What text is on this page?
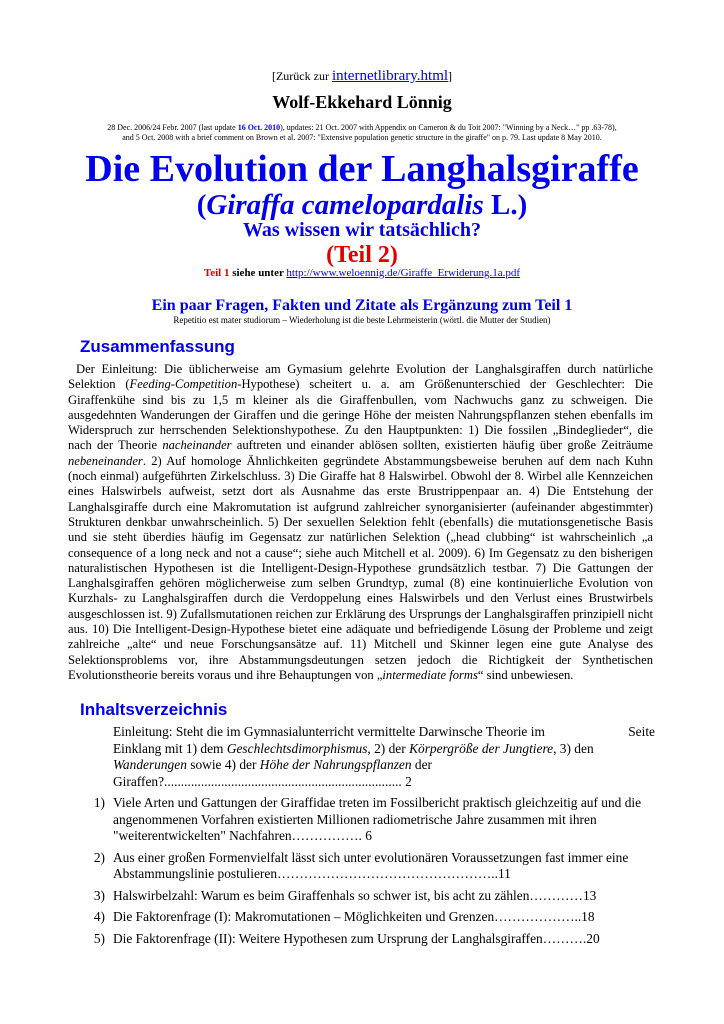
[Zurück zur internetlibrary.html]
Wolf-Ekkehard Lönnig
28 Dec. 2006/24 Febr. 2007 (last update 16 Oct. 2010), updates: 21 Oct. 2007 with Appendix on Cameron & du Toit 2007: "Winning by a Neck…" pp .63-78),
and 5 Oct. 2008 with a brief comment on Brown et al. 2007: "Extensive population genetic structure in the giraffe" on p. 79. Last update 8 May 2010.
Die Evolution der Langhalsgiraffe
(Giraffa camelopardalis L.)
Was wissen wir tatsächlich?
(Teil 2)
Teil 1 siehe unter http://www.weloennig.de/Giraffe_Erwiderung.1a.pdf
Ein paar Fragen, Fakten und Zitate als Ergänzung zum Teil 1
Repetitio est mater studiorum – Wiederholung ist die beste Lehrmeisterin (wörtl. die Mutter der Studien)
Zusammenfassung

Der Einleitung: Die üblicherweise am Gymasium gelehrte Evolution der Langhalsgiraffen durch natürliche Selektion (Feeding-Competition-Hypothese) scheitert u. a. am Größenunterschied der Geschlechter: Die Giraffenkühe sind bis zu 1,5 m kleiner als die Giraffenbullen, vom Nachwuchs ganz zu schweigen. Die ausgedehnten Wanderungen der Giraffen und die geringe Höhe der meisten Nahrungspflanzen stehen ebenfalls im Widerspruch zur herrschenden Selektionshypothese. Zu den Hauptpunkten: 1) Die fossilen „Bindeglieder“, die nach der Theorie nacheinander auftreten und einander ablösen sollten, existierten häufig über große Zeiträume nebeneinander. 2) Auf homologe Ähnlichkeiten gegründete Abstammungsbeweise beruhen auf dem nach Kuhn (noch einmal) aufgeführten Zirkelschluss. 3) Die Giraffe hat 8 Halswirbel. Obwohl der 8. Wirbel alle Kennzeichen eines Halswirbels aufweist, setzt dort als Ausnahme das erste Brustrippenpaar an. 4) Die Entstehung der Langhalsgiraffe durch eine Makromutation ist aufgrund zahlreicher synorganisierter (aufeinander abgestimmter) Strukturen denkbar unwahrscheinlich. 5) Der sexuellen Selektion fehlt (ebenfalls) die mutationsgenetische Basis und sie steht überdies häufig im Gegensatz zur natürlichen Selektion („head clubbing“ ist wahrscheinlich „a consequence of a long neck and not a cause“; siehe auch Mitchell et al. 2009). 6) Im Gegensatz zu den bisherigen naturalistischen Hypothesen ist die Intelligent-Design-Hypothese grundsätzlich testbar. 7) Die Gattungen der Langhalsgiraffen gehören möglicherweise zum selben Grundtyp, zumal (8) eine kontinuierliche Evolution von Kurzhals- zu Langhalsgiraffen durch die Verdoppelung eines Halswirbels und den Verlust eines Brustwirbels ausgeschlossen ist. 9) Zufallsmutationen reichen zur Erklärung des Ursprungs der Langhalsgiraffen prinzipiell nicht aus. 10) Die Intelligent-Design-Hypothese bietet eine adäquate und befriedigende Lösung der Probleme und zeigt zahlreiche „alte“ und neue Forschungsansätze auf. 11) Mitchell und Skinner legen eine gute Analyse des Selektionsproblems vor, ihre Abstammungsdeutungen setzen jedoch die Richtigkeit der Synthetischen Evolutionstheorie bereits voraus und ihre Behauptungen von „intermediate forms“ sind unbewiesen.

Inhaltsverzeichnis
Seite
Einleitung: Steht die im Gymnasialunterricht vermittelte Darwinsche Theorie im Einklang mit 1) dem Geschlechtsdimorphismus, 2) der Körpergröße der Jungtiere, 3) den Wanderungen sowie 4) der Höhe der Nahrungspflanzen der Giraffen?....................................................................... 2
1) Viele Arten und Gattungen der Giraffidae treten im Fossilbericht praktisch gleichzeitig auf und die angenommenen Vorfahren existierten Millionen radiometrische Jahre zusammen mit ihren "weiterentwickelten" Nachfahren……………. 6
2) Aus einer großen Formenvielfalt lässt sich unter evolutionären Voraussetzungen fast immer eine Abstammungslinie postulieren…………………………………………..11
3) Halswirbelzahl: Warum es beim Giraffenhals so schwer ist, bis acht zu zählen…………13
4) Die Faktorenfrage (I): Makromutationen – Möglichkeiten und Grenzen………………..18
5) Die Faktorenfrage (II): Weitere Hypothesen zum Ursprung der Langhalsgiraffen……….20
